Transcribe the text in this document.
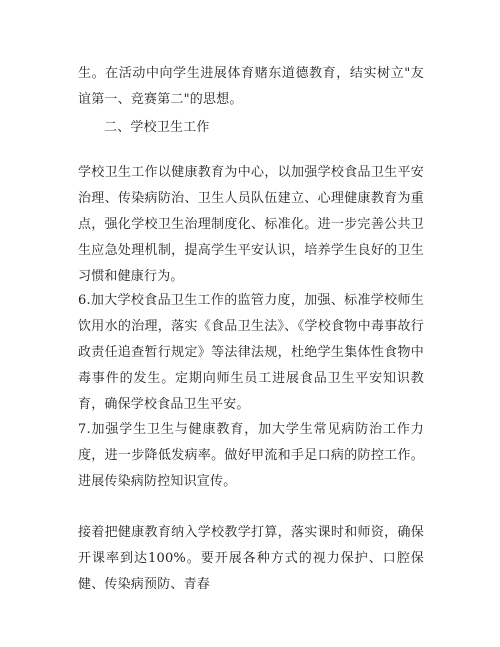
生。在活动中向学生进展体育赌东道德教育，结实树立"友谊第一、竞赛第二"的思想。

二、学校卫生工作

学校卫生工作以健康教育为中心，以加强学校食品卫生平安治理、传染病防治、卫生人员队伍建立、心理健康教育为重点，强化学校卫生治理制度化、标准化。进一步完善公共卫生应急处理机制，提高学生平安认识，培养学生良好的卫生习惯和健康行为。

6.加大学校食品卫生工作的监管力度，加强、标准学校师生饮用水的治理，落实《食品卫生法》、《学校食物中毒事故行政责任追查暂行规定》等法律法规，杜绝学生集体性食物中毒事件的发生。定期向师生员工进展食品卫生平安知识教育，确保学校食品卫生平安。

7.加强学生卫生与健康教育，加大学生常见病防治工作力度，进一步降低发病率。做好甲流和手足口病的防控工作。进展传染病防控知识宣传。

接着把健康教育纳入学校教学打算，落实课时和师资，确保开课率到达100%。要开展各种方式的视力保护、口腔保健、传染病预防、青春
